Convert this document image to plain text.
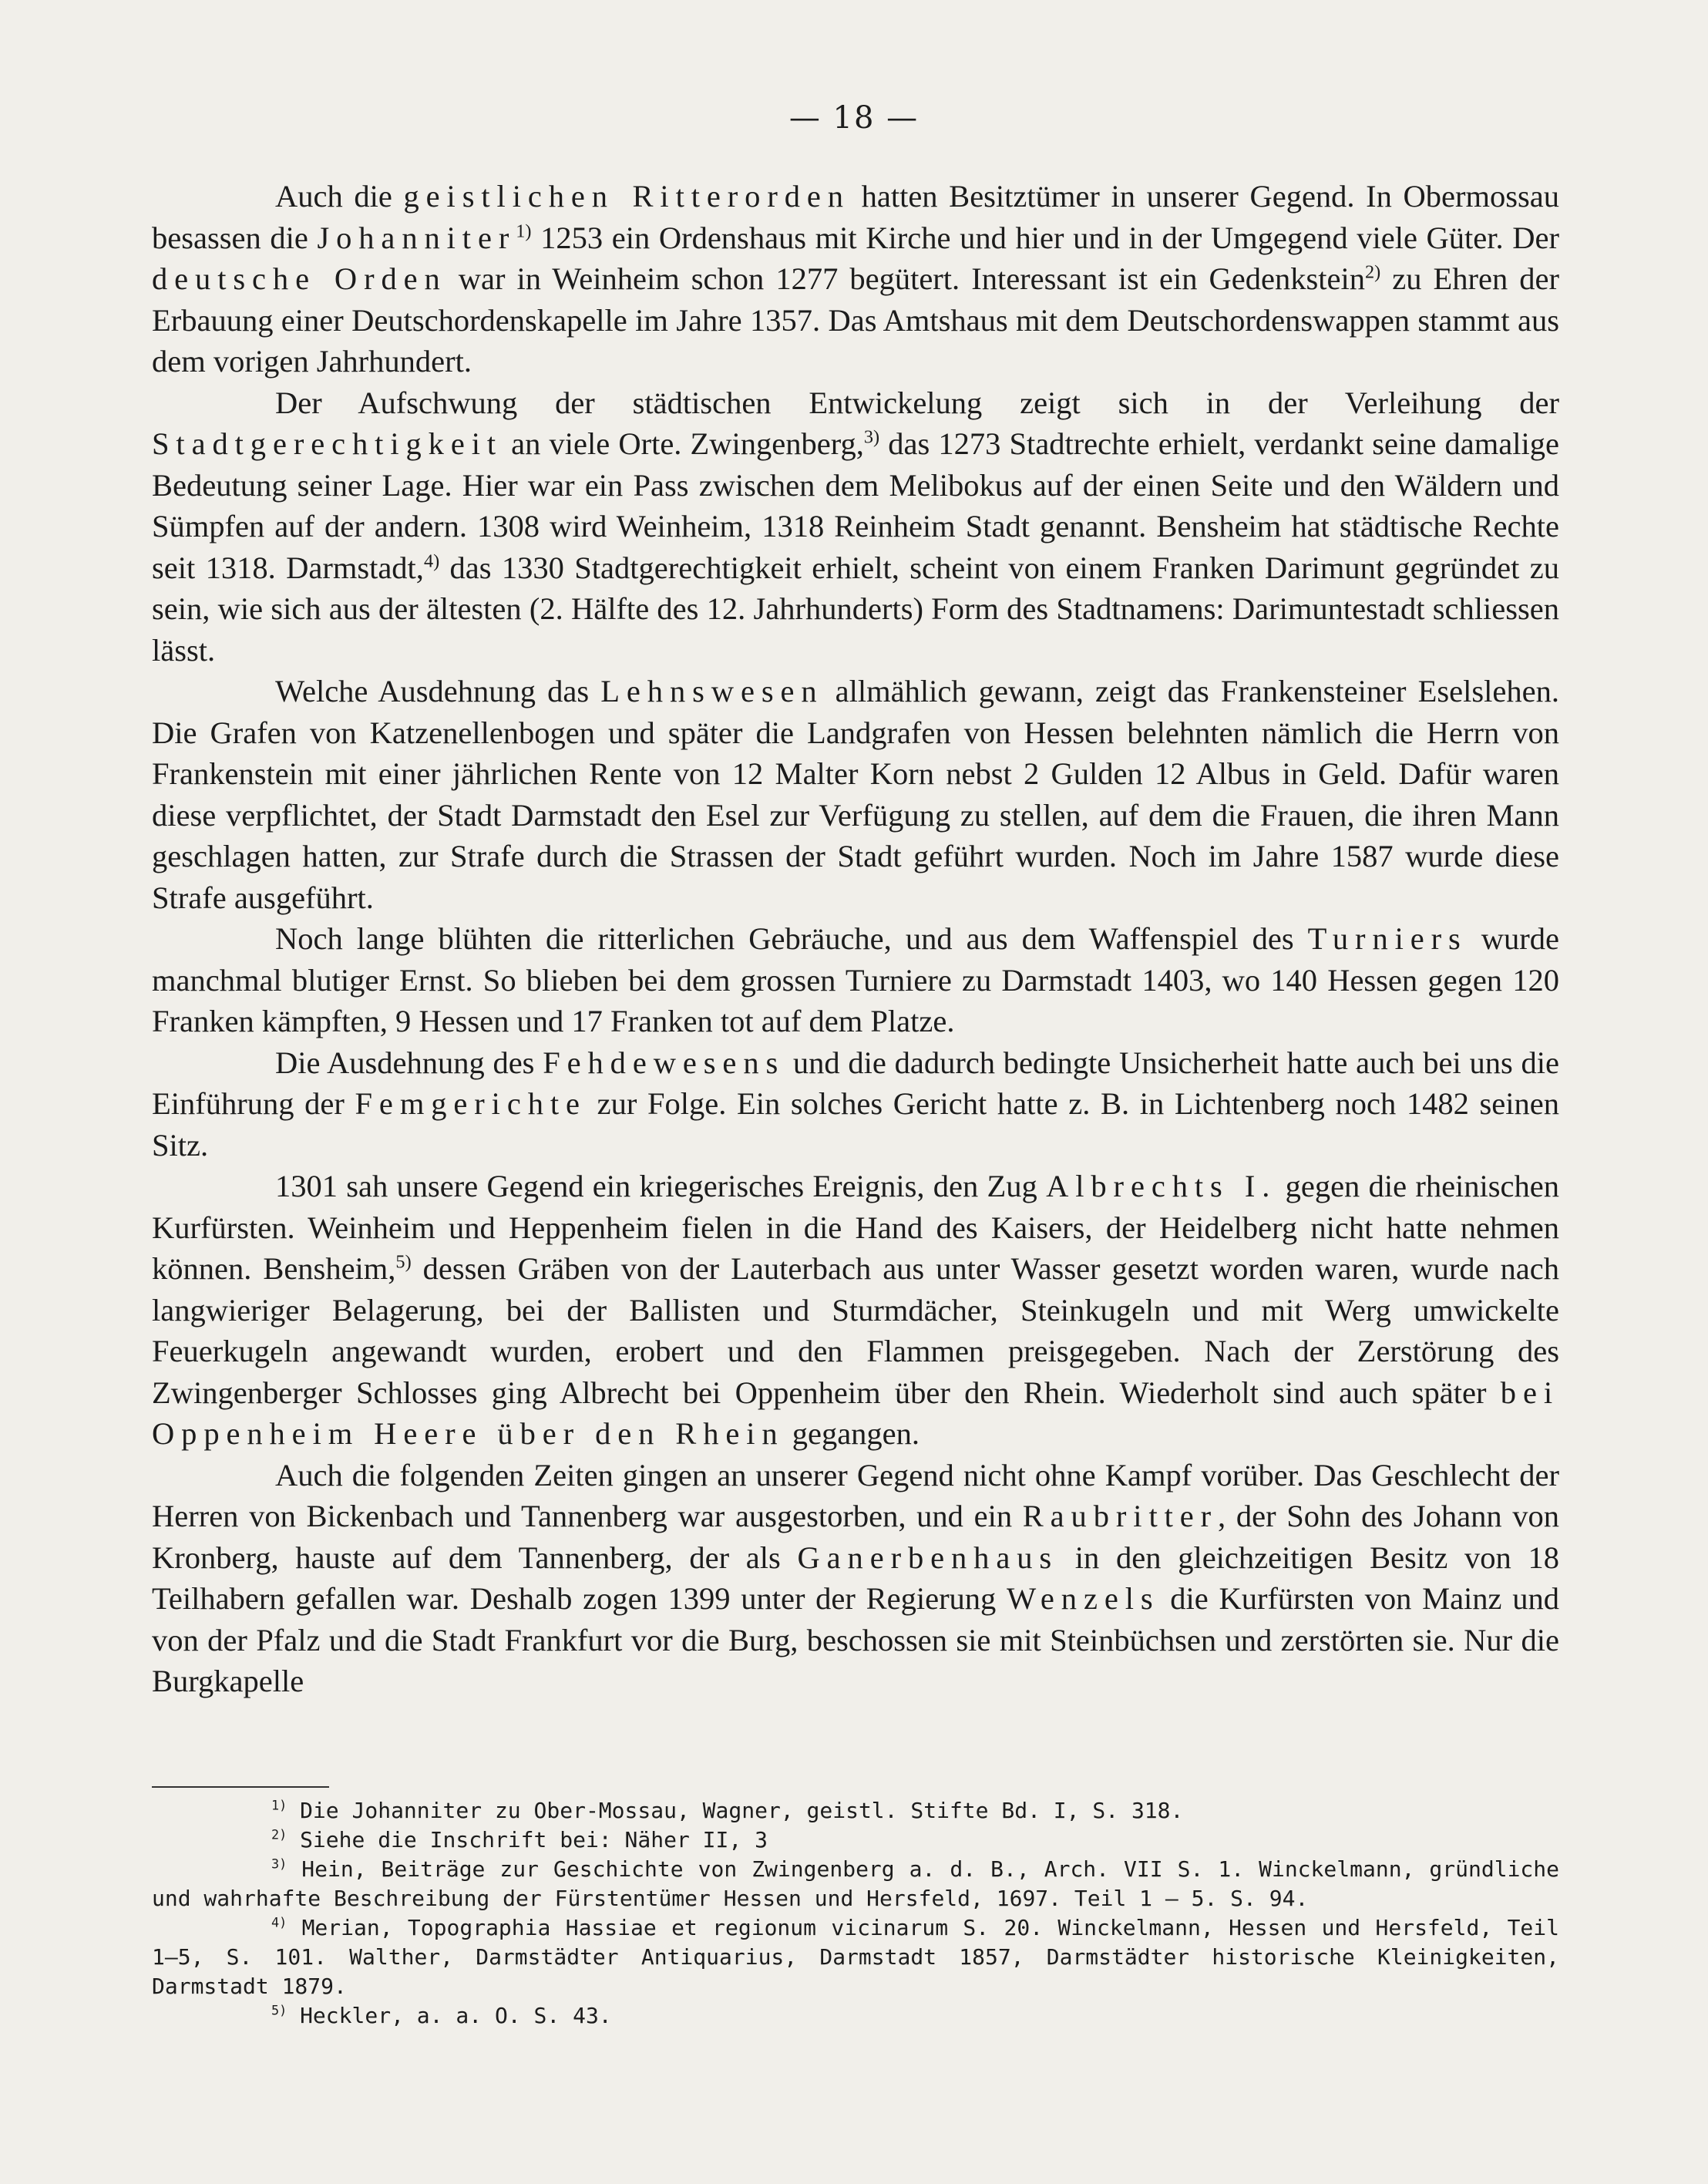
— 18 —

Auch die geistlichen Ritterorden hatten Besitztümer in unserer Gegend. In Obermossau besassen die Johanniter$^{1)}$ 1253 ein Ordenshaus mit Kirche und hier und in der Umgegend viele Güter. Der deutsche Orden war in Weinheim schon 1277 begütert. Interessant ist ein Gedenkstein$^{2)}$ zu Ehren der Erbauung einer Deutschordenskapelle im Jahre 1357. Das Amtshaus mit dem Deutschordenswappen stammt aus dem vorigen Jahrhundert.

Der Aufschwung der städtischen Entwickelung zeigt sich in der Verleihung der Stadtgerechtigkeit an viele Orte. Zwingenberg,$^{3)}$ das 1273 Stadtrechte erhielt, verdankt seine damalige Bedeutung seiner Lage. Hier war ein Pass zwischen dem Melibokus auf der einen Seite und den Wäldern und Sümpfen auf der andern. 1308 wird Weinheim, 1318 Reinheim Stadt genannt. Bensheim hat städtische Rechte seit 1318. Darmstadt,$^{4)}$ das 1330 Stadtgerechtigkeit erhielt, scheint von einem Franken Darimunt gegründet zu sein, wie sich aus der ältesten (2. Hälfte des 12. Jahrhunderts) Form des Stadtnamens: Darimuntestadt schliessen lässt.

Welche Ausdehnung das Lehnswesen allmählich gewann, zeigt das Frankensteiner Eselslehen. Die Grafen von Katzenellenbogen und später die Landgrafen von Hessen belehnten nämlich die Herrn von Frankenstein mit einer jährlichen Rente von 12 Malter Korn nebst 2 Gulden 12 Albus in Geld. Dafür waren diese verpflichtet, der Stadt Darmstadt den Esel zur Verfügung zu stellen, auf dem die Frauen, die ihren Mann geschlagen hatten, zur Strafe durch die Strassen der Stadt geführt wurden. Noch im Jahre 1587 wurde diese Strafe ausgeführt.

Noch lange blühten die ritterlichen Gebräuche, und aus dem Waffenspiel des Turniers wurde manchmal blutiger Ernst. So blieben bei dem grossen Turniere zu Darmstadt 1403, wo 140 Hessen gegen 120 Franken kämpften, 9 Hessen und 17 Franken tot auf dem Platze.

Die Ausdehnung des Fehdewesens und die dadurch bedingte Unsicherheit hatte auch bei uns die Einführung der Femgerichte zur Folge. Ein solches Gericht hatte z. B. in Lichtenberg noch 1482 seinen Sitz.

1301 sah unsere Gegend ein kriegerisches Ereignis, den Zug Albrechts I. gegen die rheinischen Kurfürsten. Weinheim und Heppenheim fielen in die Hand des Kaisers, der Heidelberg nicht hatte nehmen können. Bensheim,$^{5)}$ dessen Gräben von der Lauterbach aus unter Wasser gesetzt worden waren, wurde nach langwieriger Belagerung, bei der Ballisten und Sturmdächer, Steinkugeln und mit Werg umwickelte Feuerkugeln angewandt wurden, erobert und den Flammen preisgegeben. Nach der Zerstörung des Zwingenberger Schlosses ging Albrecht bei Oppenheim über den Rhein. Wiederholt sind auch später bei Oppenheim Heere über den Rhein gegangen.

Auch die folgenden Zeiten gingen an unserer Gegend nicht ohne Kampf vorüber. Das Geschlecht der Herren von Bickenbach und Tannenberg war ausgestorben, und ein Raubritter, der Sohn des Johann von Kronberg, hauste auf dem Tannenberg, der als Ganerbenhaus in den gleichzeitigen Besitz von 18 Teilhabern gefallen war. Deshalb zogen 1399 unter der Regierung Wenzels die Kurfürsten von Mainz und von der Pfalz und die Stadt Frankfurt vor die Burg, beschossen sie mit Steinbüchsen und zerstörten sie. Nur die Burgkapelle

$^{1)}$ Die Johanniter zu Ober-Mossau, Wagner, geistl. Stifte Bd. I, S. 318.

$^{2)}$ Siehe die Inschrift bei: Näher II, 3

$^{3)}$ Hein, Beiträge zur Geschichte von Zwingenberg a. d. B., Arch. VII S. 1. Winckelmann, gründliche und wahrhafte Beschreibung der Fürstentümer Hessen und Hersfeld, 1697. Teil 1 – 5. S. 94.

$^{4)}$ Merian, Topographia Hassiae et regionum vicinarum S. 20. Winckelmann, Hessen und Hersfeld, Teil 1—5, S. 101. Walther, Darmstädter Antiquarius, Darmstadt 1857, Darmstädter historische Kleinigkeiten, Darmstadt 1879.

$^{5)}$ Heckler, a. a. O. S. 43.
